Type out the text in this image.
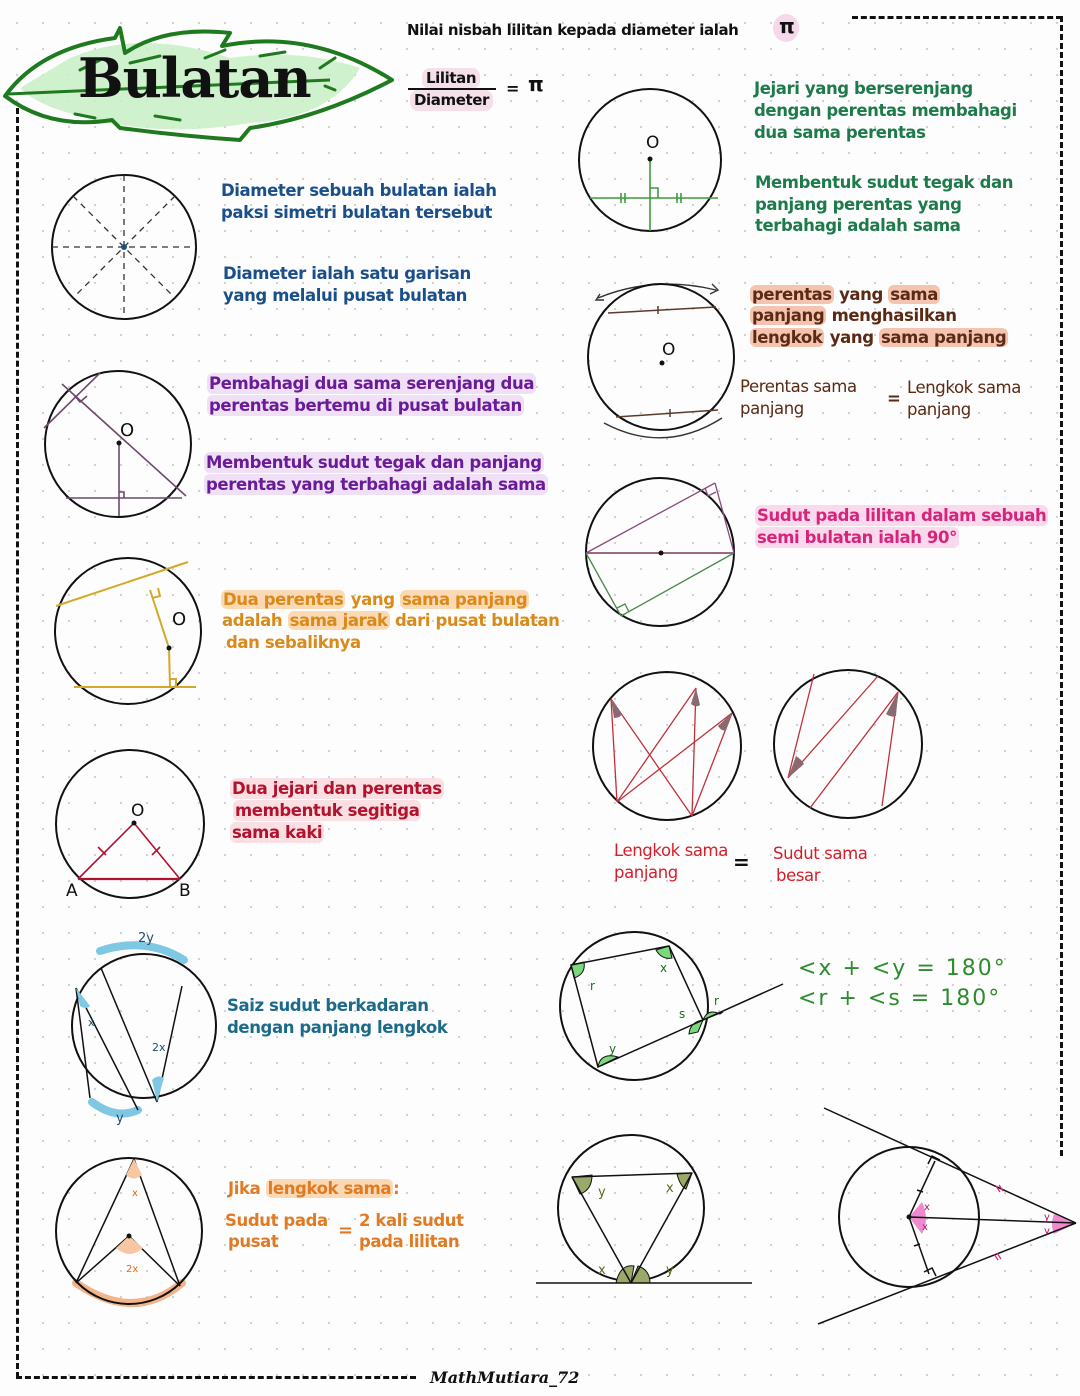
Bulatan
Nilai nisbah lilitan kepada diameter ialah π
Lilitan
Diameter
= π
Diameter sebuah bulatan ialah
paksi simetri bulatan tersebut
Diameter ialah satu garisan
yang melalui pusat bulatan
O
Pembahagi dua sama serenjang dua
perentas bertemu di pusat bulatan
Membentuk sudut tegak dan panjang
perentas yang terbahagi adalah sama
O
Dua perentas yang sama panjang
adalah sama jarak dari pusat bulatan
dan sebaliknya
O
A	B
Dua jejari dan perentas
membentuk segitiga
sama kaki
2y
y
x
2x
Saiz sudut berkadaran
dengan panjang lengkok
x
2x
Jika lengkok sama :
Sudut pada
pusat
= 2 kali sudut
pada lilitan
O
Jejari yang berserenjang
dengan perentas membahagi
dua sama perentas
Membentuk sudut tegak dan
panjang perentas yang
terbahagi adalah sama
O
perentas yang sama
panjang menghasilkan
lengkok yang sama panjang
Perentas sama
panjang
=
Lengkok sama
panjang
Sudut pada lilitan dalam sebuah
semi bulatan ialah 90°
Lengkok sama
panjang	= Sudut sama
besar
r
x
s
r
y
<x + <y = 180°
<r + <s = 180°
y	x
x	y
x
x
y
y
MathMutiara_72
